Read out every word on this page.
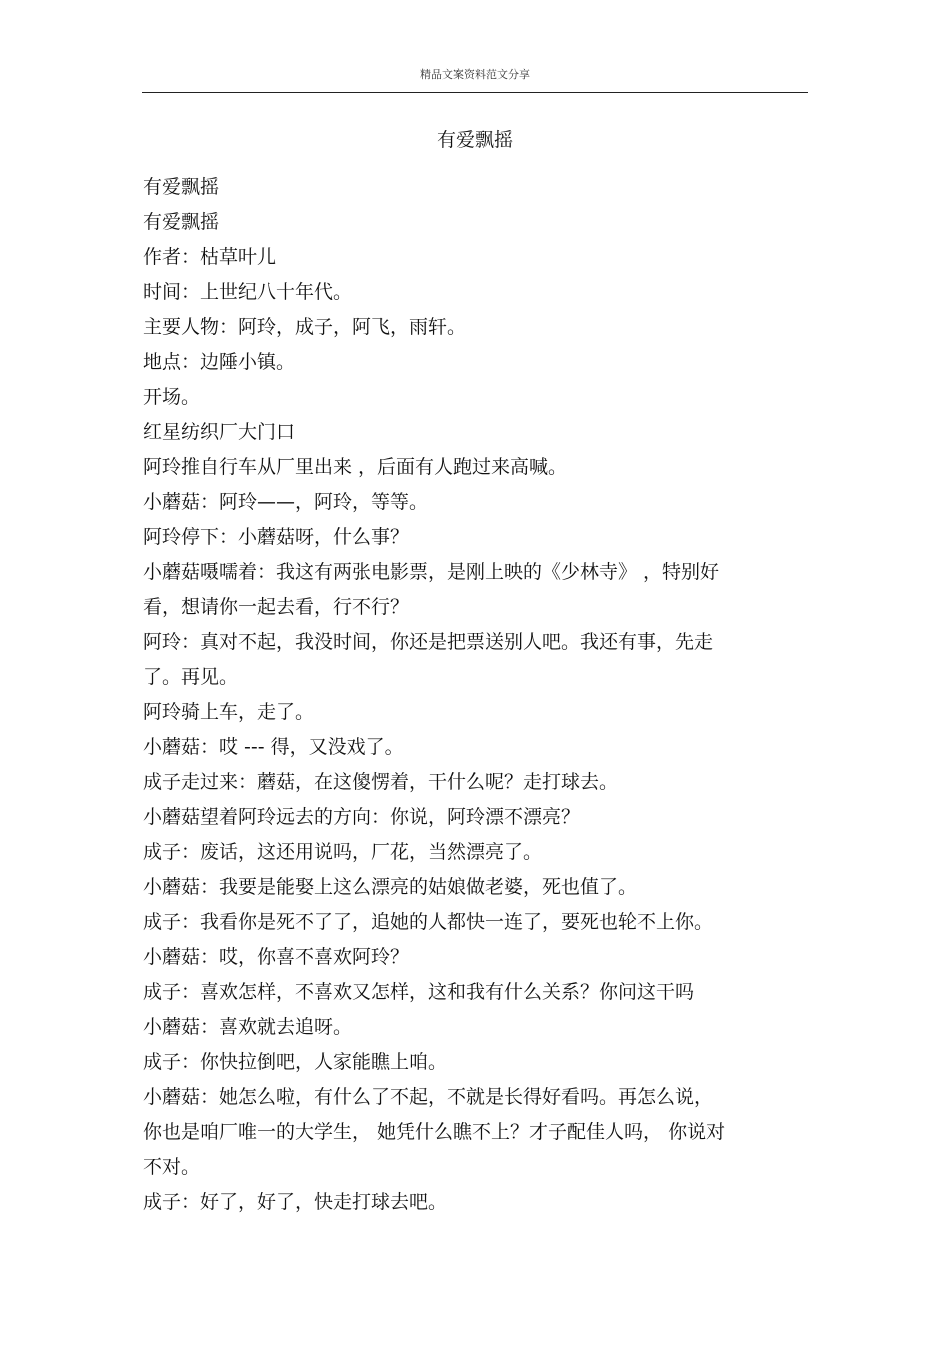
精品文案资料范文分享
有爱飘摇

有爱飘摇

有爱飘摇

作者：枯草叶儿

时间：上世纪八十年代。

主要人物：阿玲，成子，阿飞，雨轩。

地点：边陲小镇。

开场。

红星纺织厂大门口

阿玲推自行车从厂里出来 ，后面有人跑过来高喊。

小蘑菇：阿玲——，阿玲，等等。

阿玲停下：小蘑菇呀，什么事？

小蘑菇嗫嚅着：我这有两张电影票，是刚上映的《少林寺》 ，特别好

看，想请你一起去看，行不行？

阿玲：真对不起，我没时间，你还是把票送别人吧。我还有事，先走

了。再见。

阿玲骑上车，走了。

小蘑菇：哎 --- 得，又没戏了。

成子走过来：蘑菇，在这傻愣着，干什么呢？走打球去。

小蘑菇望着阿玲远去的方向：你说，阿玲漂不漂亮？

成子：废话，这还用说吗，厂花，当然漂亮了。

小蘑菇：我要是能娶上这么漂亮的姑娘做老婆，死也值了。

成子：我看你是死不了了，追她的人都快一连了，要死也轮不上你。

小蘑菇：哎，你喜不喜欢阿玲？

成子：喜欢怎样，不喜欢又怎样，这和我有什么关系？你问这干吗

小蘑菇：喜欢就去追呀。

成子：你快拉倒吧，人家能瞧上咱。

小蘑菇：她怎么啦，有什么了不起，不就是长得好看吗。再怎么说，

你也是咱厂唯一的大学生， 她凭什么瞧不上？才子配佳人吗， 你说对

不对。

成子：好了，好了，快走打球去吧。
